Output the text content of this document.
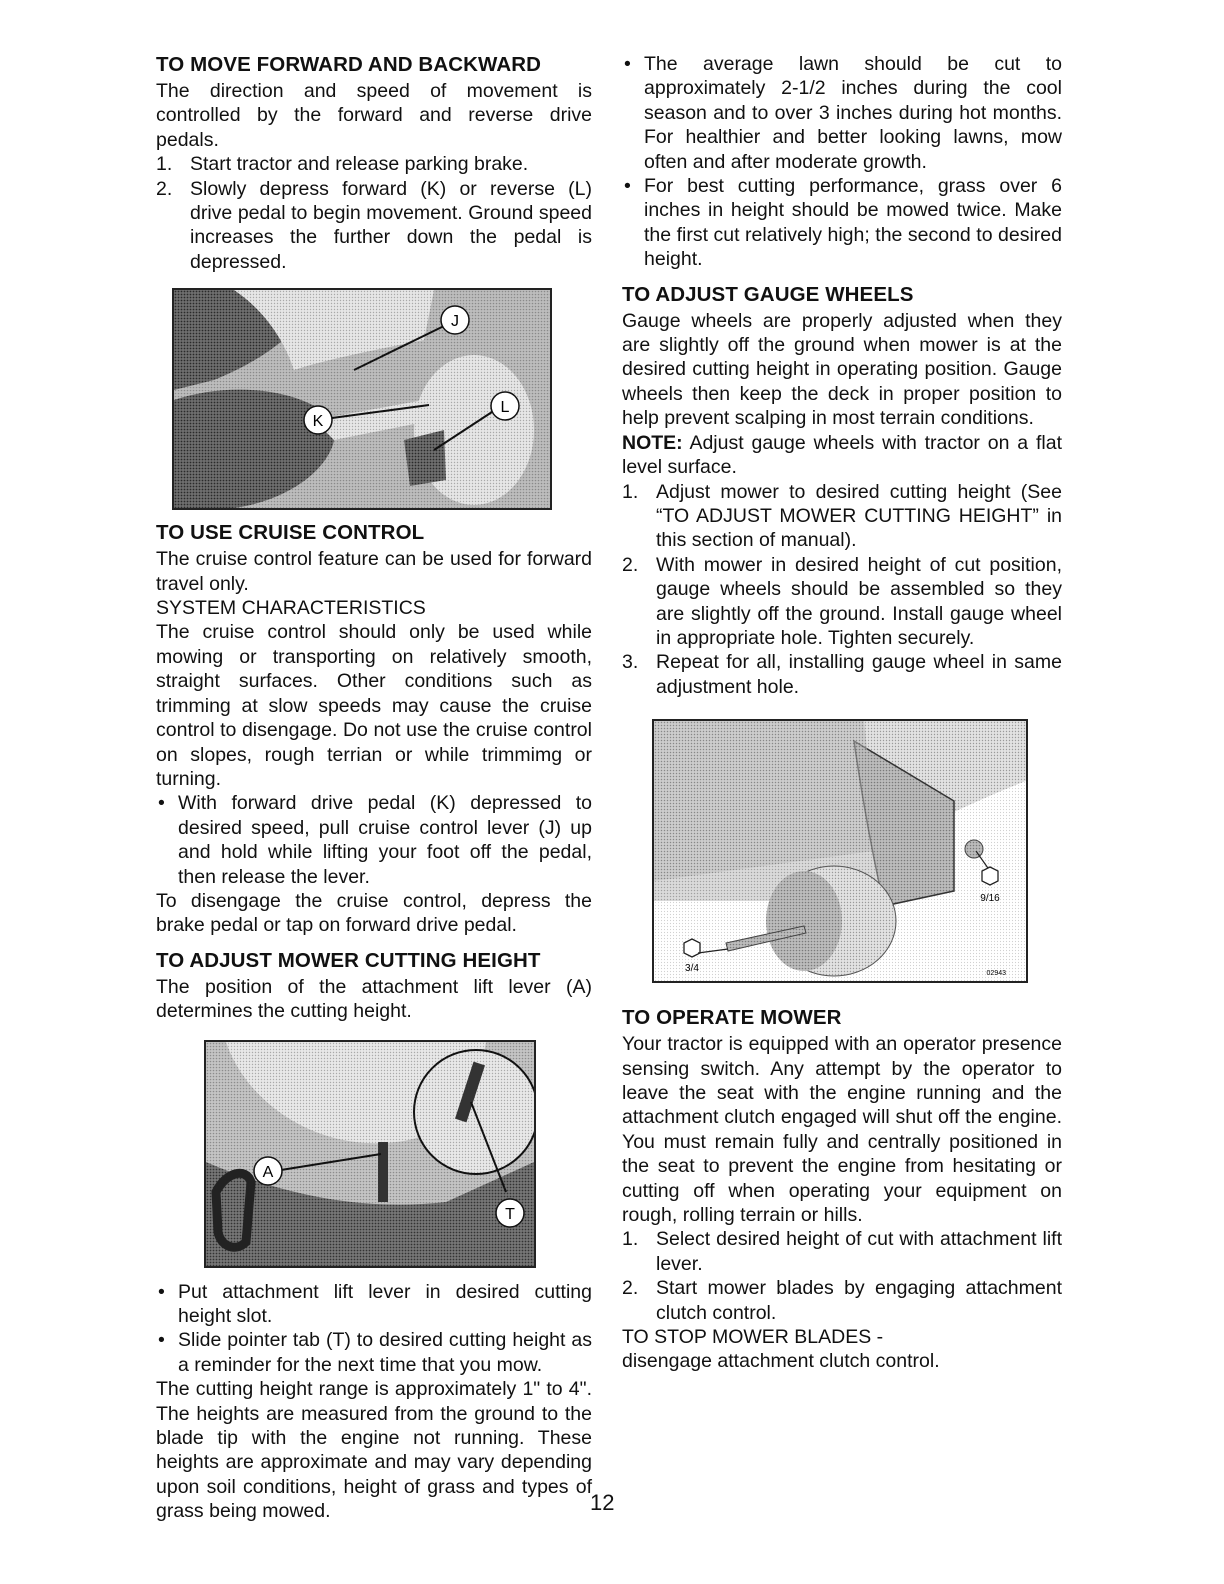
TO MOVE FORWARD AND BACKWARD

The direction and speed of movement is controlled by the forward and reverse drive pedals.

1. Start tractor and release parking brake.
2. Slowly depress forward (K) or reverse (L) drive pedal to begin movement. Ground speed increases the further down the pedal is depressed.
J
K
L
TO USE CRUISE CONTROL

The cruise control feature can be used for forward travel only.

SYSTEM CHARACTERISTICS

The cruise control should only be used while mowing or transporting on relatively smooth, straight surfaces. Other conditions such as trimming at slow speeds may cause the cruise control to disengage. Do not use the cruise control on slopes, rough terrian or while trimmimg or turning.

• With forward drive pedal (K) depressed to desired speed, pull cruise control lever (J) up and hold while lifting your foot off the pedal, then release the lever.

To disengage the cruise control, depress the brake pedal or tap on forward drive pedal.

TO ADJUST MOWER CUTTING HEIGHT

The position of the attachment lift lever (A) determines the cutting height.

A
T
• Put attachment lift lever in desired cutting height slot.
• Slide pointer tab (T) to desired cutting height as a reminder for the next time that you mow.

The cutting height range is approximately 1" to 4". The heights are measured from the ground to the blade tip with the engine not running. These heights are approximate and may vary depending upon soil conditions, height of grass and types of grass being mowed.

• The average lawn should be cut to approximately 2-1/2 inches during the cool season and to over 3 inches during hot months. For healthier and better looking lawns, mow often and after moderate growth.
• For best cutting performance, grass over 6 inches in height should be mowed twice. Make the first cut relatively high; the second to desired height.
TO ADJUST GAUGE WHEELS

Gauge wheels are properly adjusted when they are slightly off the ground when mower is at the desired cutting height in operating position. Gauge wheels then keep the deck in proper position to help prevent scalping in most terrain conditions.

NOTE: Adjust gauge wheels with tractor on a flat level surface.

1. Adjust mower to desired cutting height (See “TO ADJUST MOWER CUTTING HEIGHT” in this section of manual).
2. With mower in desired height of cut position, gauge wheels should be assembled so they are slightly off the ground. Install gauge wheel in appropriate hole. Tighten securely.
3. Repeat for all, installing gauge wheel in same adjustment hole.
9/16
3/4	02943
TO OPERATE MOWER

Your tractor is equipped with an operator presence sensing switch. Any attempt by the operator to leave the seat with the engine running and the attachment clutch engaged will shut off the engine. You must remain fully and centrally positioned in the seat to prevent the engine from hesitating or cutting off when operating your equipment on rough, rolling terrain or hills.

1. Select desired height of cut with attachment lift lever.
2. Start mower blades by engaging attachment clutch control.

TO STOP MOWER BLADES -

disengage attachment clutch control.

12
